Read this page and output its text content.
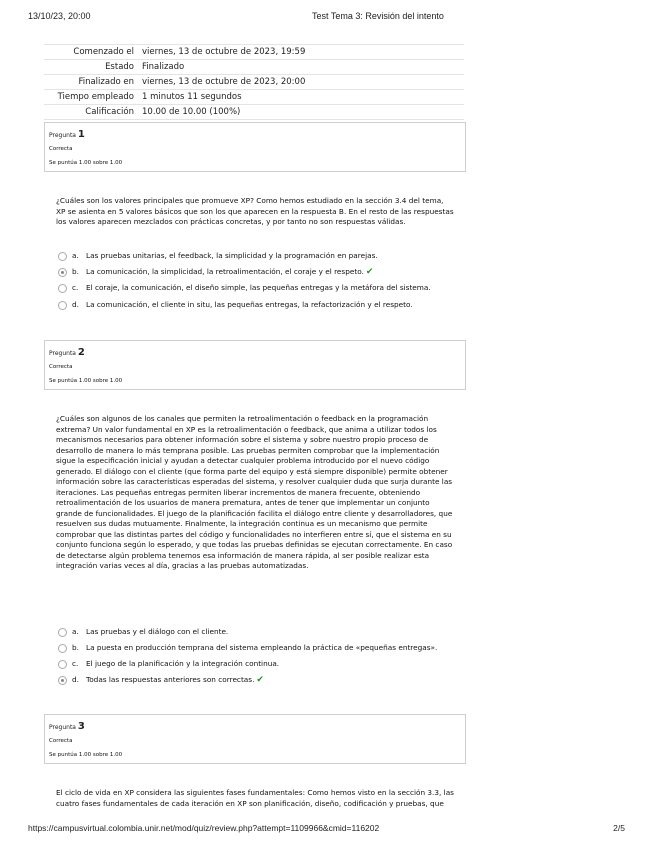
13/10/23, 20:00	Test Tema 3: Revisión del intento
Comenzado el	viernes, 13 de octubre de 2023, 19:59
Estado	Finalizado
Finalizado en	viernes, 13 de octubre de 2023, 20:00
Tiempo empleado	1 minutos 11 segundos
Calificación	10.00 de 10.00 (100%)
Pregunta 1
Correcta
Se puntúa 1.00 sobre 1.00
¿Cuáles son los valores principales que promueve XP? Como hemos estudiado en la sección 3.4 del tema, XP se asienta en 5 valores básicos que son los que aparecen en la respuesta B. En el resto de las respuestas los valores aparecen mezclados con prácticas concretas, y por tanto no son respuestas válidas.
a. Las pruebas unitarias, el feedback, la simplicidad y la programación en parejas.
b. La comunicación, la simplicidad, la retroalimentación, el coraje y el respeto. ✔
c. El coraje, la comunicación, el diseño simple, las pequeñas entregas y la metáfora del sistema.
d. La comunicación, el cliente in situ, las pequeñas entregas, la refactorización y el respeto.
Pregunta 2
Correcta
Se puntúa 1.00 sobre 1.00
¿Cuáles son algunos de los canales que permiten la retroalimentación o feedback en la programación extrema? Un valor fundamental en XP es la retroalimentación o feedback, que anima a utilizar todos los mecanismos necesarios para obtener información sobre el sistema y sobre nuestro propio proceso de desarrollo de manera lo más temprana posible. Las pruebas permiten comprobar que la implementación sigue la especificación inicial y ayudan a detectar cualquier problema introducido por el nuevo código generado. El diálogo con el cliente (que forma parte del equipo y está siempre disponible) permite obtener información sobre las características esperadas del sistema, y resolver cualquier duda que surja durante las iteraciones. Las pequeñas entregas permiten liberar incrementos de manera frecuente, obteniendo retroalimentación de los usuarios de manera prematura, antes de tener que implementar un conjunto grande de funcionalidades. El juego de la planificación facilita el diálogo entre cliente y desarrolladores, que resuelven sus dudas mutuamente. Finalmente, la integración continua es un mecanismo que permite comprobar que las distintas partes del código y funcionalidades no interfieren entre sí, que el sistema en su conjunto funciona según lo esperado, y que todas las pruebas definidas se ejecutan correctamente. En caso de detectarse algún problema tenemos esa información de manera rápida, al ser posible realizar esta integración varias veces al día, gracias a las pruebas automatizadas.
a. Las pruebas y el diálogo con el cliente.
b. La puesta en producción temprana del sistema empleando la práctica de «pequeñas entregas».
c. El juego de la planificación y la integración continua.
d. Todas las respuestas anteriores son correctas. ✔
Pregunta 3
Correcta
Se puntúa 1.00 sobre 1.00
El ciclo de vida en XP considera las siguientes fases fundamentales: Como hemos visto en la sección 3.3, las cuatro fases fundamentales de cada iteración en XP son planificación, diseño, codificación y pruebas, que
https://campusvirtual.colombia.unir.net/mod/quiz/review.php?attempt=1109966&cmid=116202	2/5
